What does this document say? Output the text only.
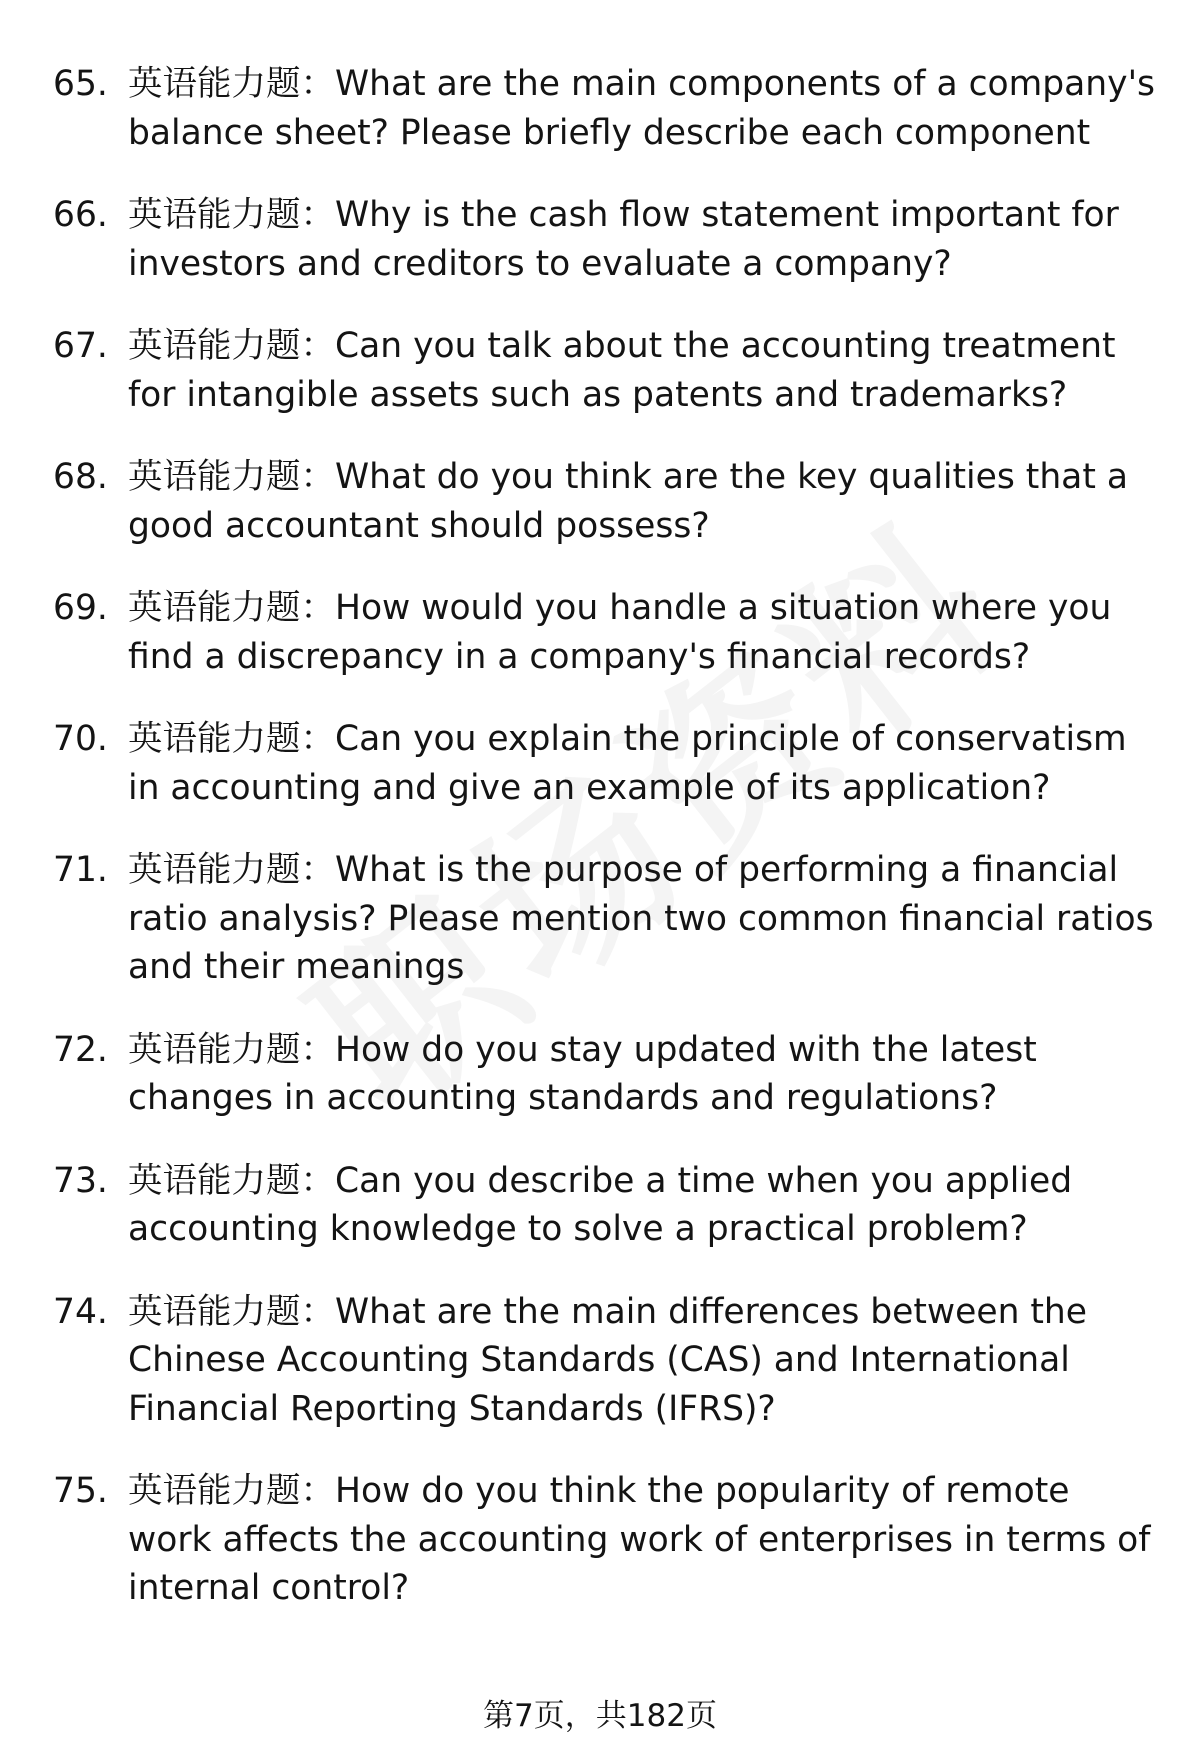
65. 英语能力题：What are the main components of a company's balance sheet? Please briefly describe each component
66. 英语能力题：Why is the cash flow statement important for investors and creditors to evaluate a company?
67. 英语能力题：Can you talk about the accounting treatment for intangible assets such as patents and trademarks?
68. 英语能力题：What do you think are the key qualities that a good accountant should possess?
69. 英语能力题：How would you handle a situation where you find a discrepancy in a company's financial records?
70. 英语能力题：Can you explain the principle of conservatism in accounting and give an example of its application?
71. 英语能力题：What is the purpose of performing a financial ratio analysis? Please mention two common financial ratios and their meanings
72. 英语能力题：How do you stay updated with the latest changes in accounting standards and regulations?
73. 英语能力题：Can you describe a time when you applied accounting knowledge to solve a practical problem?
74. 英语能力题：What are the main differences between the Chinese Accounting Standards (CAS) and International Financial Reporting Standards (IFRS)?
75. 英语能力题：How do you think the popularity of remote work affects the accounting work of enterprises in terms of internal control?
第7页，共182页
